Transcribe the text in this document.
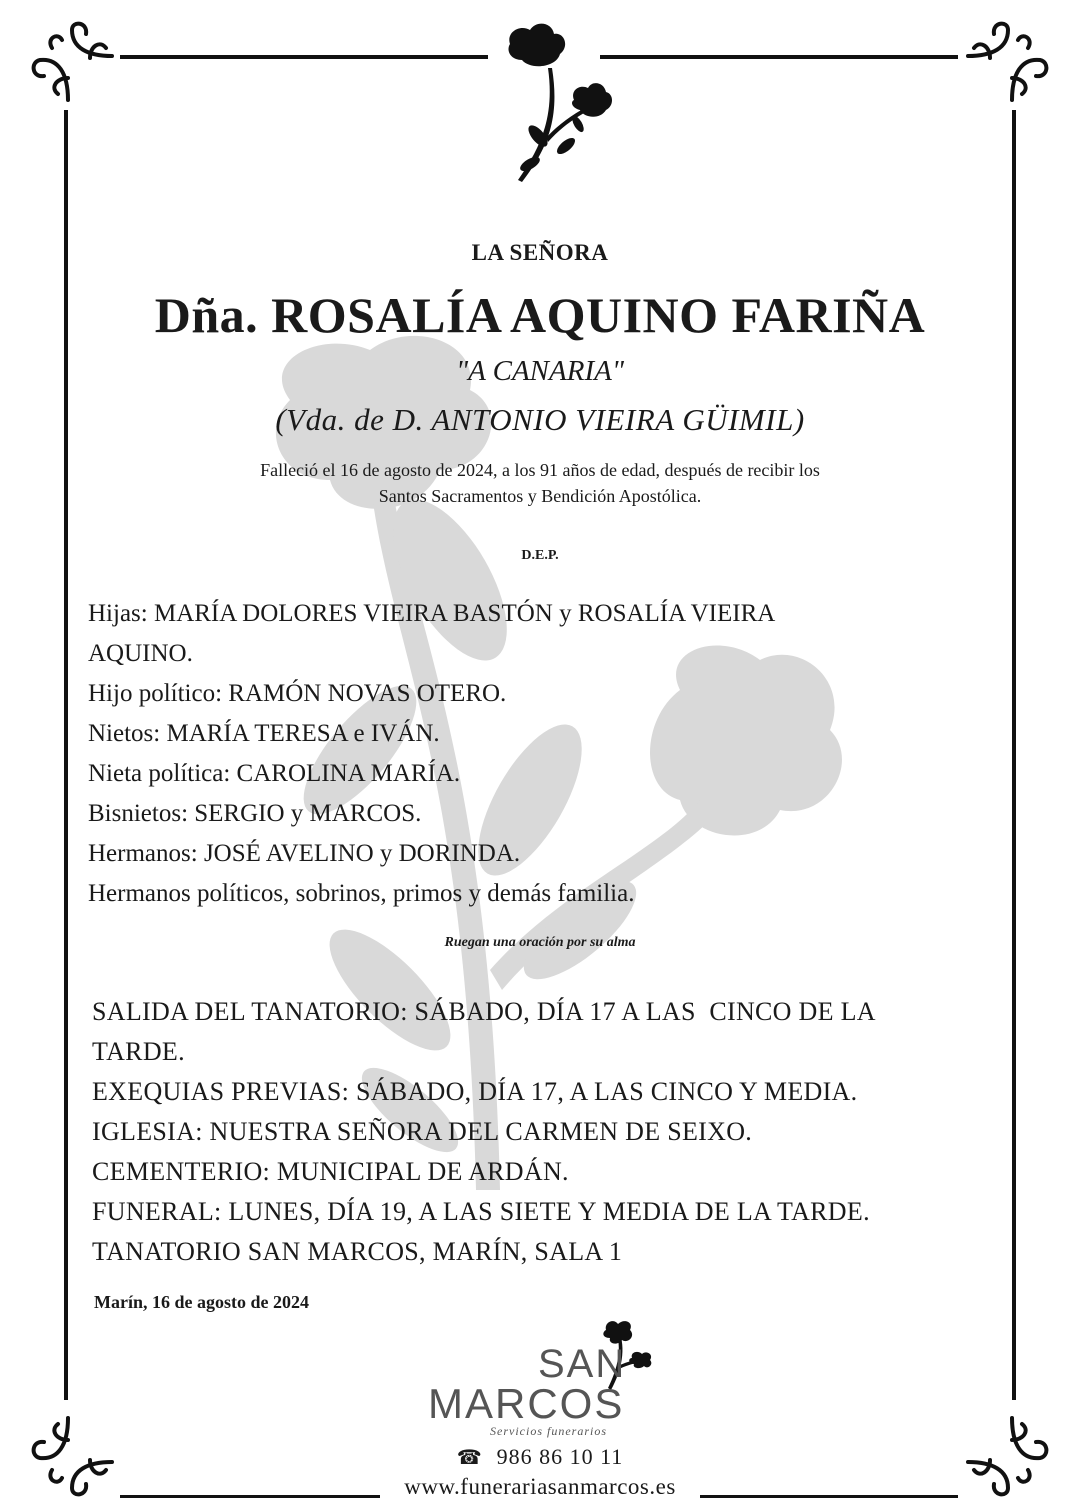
LA SEÑORA
Dña. ROSALÍA AQUINO FARIÑA
"A CANARIA"
(Vda. de D. ANTONIO VIEIRA GÜIMIL)
Falleció el 16 de agosto de 2024, a los 91 años de edad, después de recibir los
Santos Sacramentos y Bendición Apostólica.
D.E.P.
Hijas: MARÍA DOLORES VIEIRA BASTÓN y ROSALÍA VIEIRA
AQUINO.
Hijo político: RAMÓN NOVAS OTERO.
Nietos: MARÍA TERESA e IVÁN.
Nieta política: CAROLINA MARÍA.
Bisnietos: SERGIO y MARCOS.
Hermanos: JOSÉ AVELINO y DORINDA.
Hermanos políticos, sobrinos, primos y demás familia.
Ruegan una oración por su alma
SALIDA DEL TANATORIO: SÁBADO, DÍA 17 A LAS  CINCO DE LA
TARDE.
EXEQUIAS PREVIAS: SÁBADO, DÍA 17, A LAS CINCO Y MEDIA.
IGLESIA: NUESTRA SEÑORA DEL CARMEN DE SEIXO.
CEMENTERIO: MUNICIPAL DE ARDÁN.
FUNERAL: LUNES, DÍA 19, A LAS SIETE Y MEDIA DE LA TARDE.
TANATORIO SAN MARCOS, MARÍN, SALA 1
Marín, 16 de agosto de 2024
SAN
MARCOS
Servicios funerarios
☎ 986 86 10 11
www.funerariasanmarcos.es
